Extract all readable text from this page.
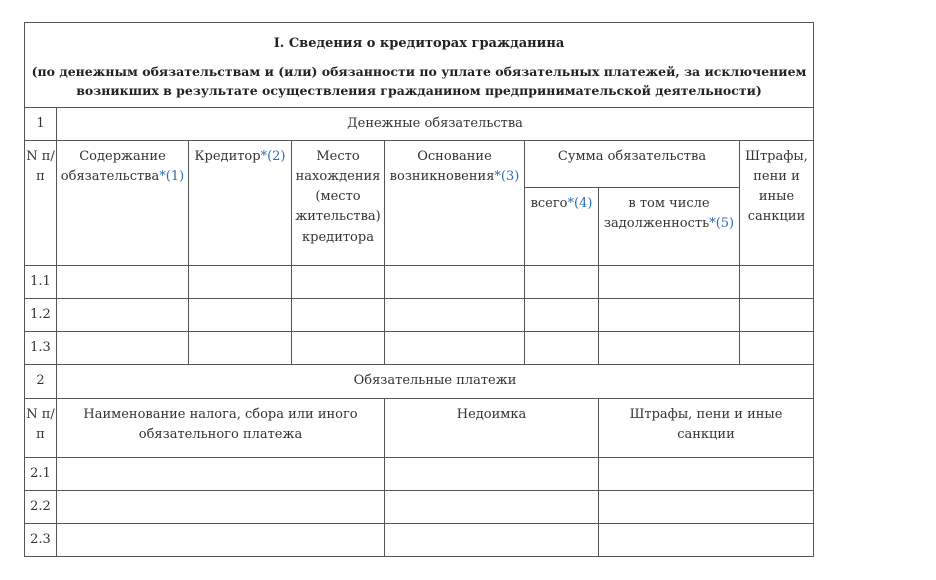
I. Сведения о кредиторах гражданина
(по денежным обязательствам и (или) обязанности по уплате обязательных платежей, за исключением возникших в результате осуществления гражданином предпринимательской деятельности)							

1	Денежные обязательства						
N п/п	Содержание обязательства*(1)	Кредитор*(2)	Место нахождения (место жительства) кредитора	Основание возникновения*(3)	Сумма обязательства		Штрафы, пени и иные санкции
					всего*(4)	в том числе задолженность*(5)	
1.1							
1.2							
1.3							
2	Обязательные платежи						
N п/п	Наименование налога, сбора или иного обязательного платежа			Недоимка		Штрафы, пени и иные санкции	
2.1							
2.2							
2.3							
